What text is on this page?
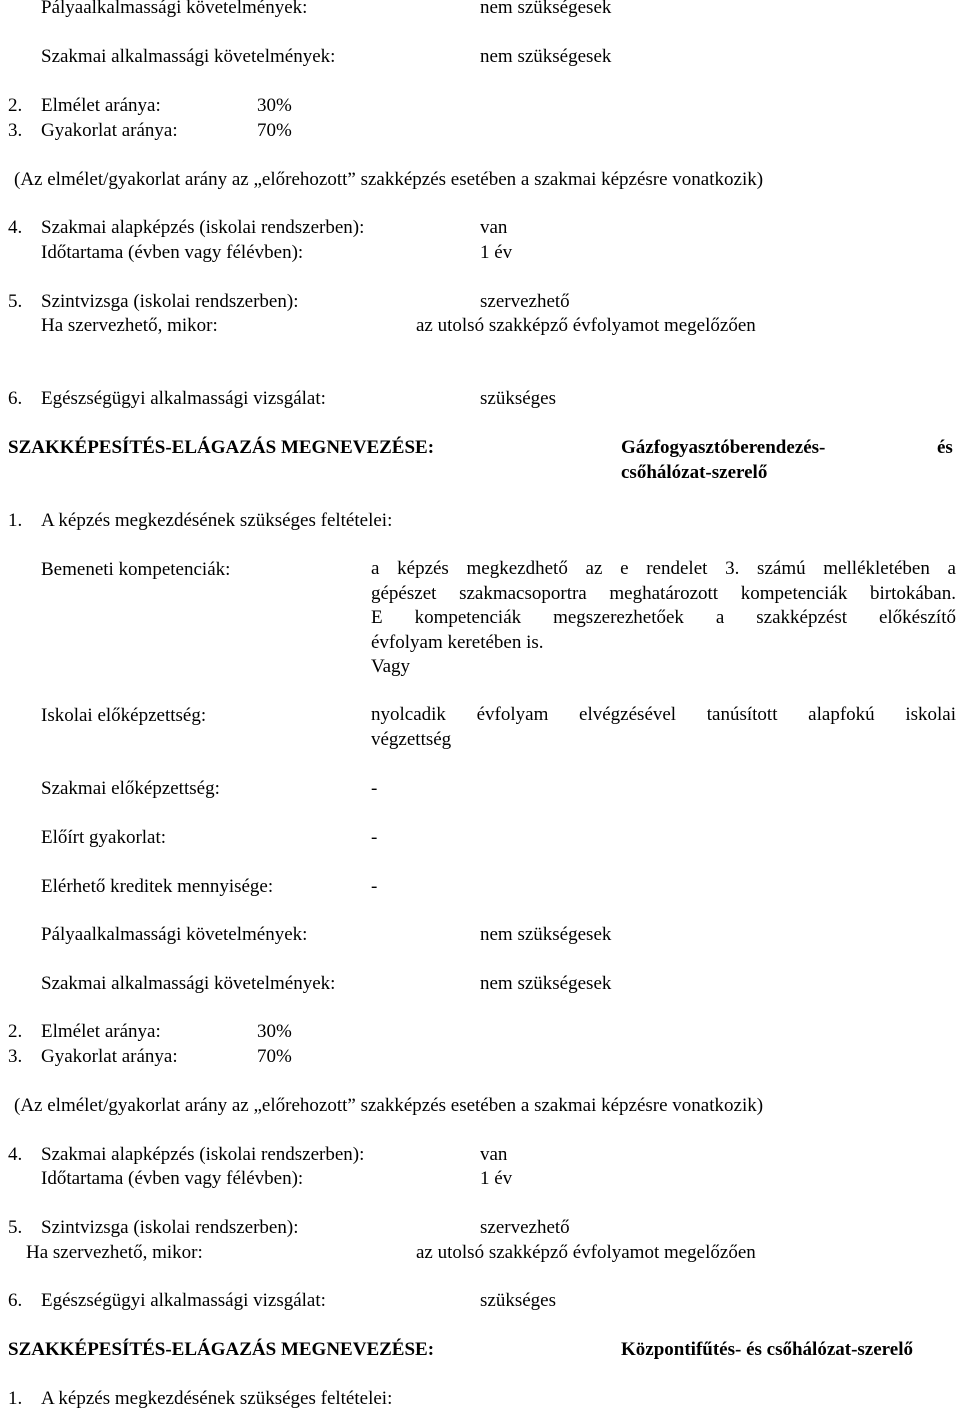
Pályaalkalmassági követelmények:	nem szükségesek
Szakmai alkalmassági követelmények:	nem szükségesek
2. Elmélet aránya:	30%
3. Gyakorlat aránya:	70%
(Az elmélet/gyakorlat arány az „előrehozott” szakképzés esetében a szakmai képzésre vonatkozik)
4. Szakmai alapképzés (iskolai rendszerben):	van
Időtartama (évben vagy félévben):	1 év
5. Szintvizsga (iskolai rendszerben):	szervezhető
Ha szervezhető, mikor:	az utolsó szakképző évfolyamot megelőzően
6. Egészségügyi alkalmassági vizsgálat:	szükséges
SZAKKÉPESÍTÉS-ELÁGAZÁS MEGNEVEZÉSE:	Gázfogyasztóberendezés-	és
csőhálózat-szerelő
1. A képzés megkezdésének szükséges feltételei:
Bemeneti kompetenciák:	a képzés megkezdhető az e rendelet 3. számú mellékletében a
gépészet szakmacsoportra meghatározott kompetenciák birtokában.
E kompetenciák megszerezhetőek a szakképzést előkészítő
évfolyam keretében is.
Vagy
Iskolai előképzettség:	nyolcadik évfolyam elvégzésével tanúsított alapfokú iskolai
végzettség
Szakmai előképzettség:	-
Előírt gyakorlat:	-
Elérhető kreditek mennyisége:	-
Pályaalkalmassági követelmények:	nem szükségesek
Szakmai alkalmassági követelmények:	nem szükségesek
2. Elmélet aránya:	30%
3. Gyakorlat aránya:	70%
(Az elmélet/gyakorlat arány az „előrehozott” szakképzés esetében a szakmai képzésre vonatkozik)
4. Szakmai alapképzés (iskolai rendszerben):	van
Időtartama (évben vagy félévben):	1 év
5. Szintvizsga (iskolai rendszerben):	szervezhető
Ha szervezhető, mikor:	az utolsó szakképző évfolyamot megelőzően
6. Egészségügyi alkalmassági vizsgálat:	szükséges
SZAKKÉPESÍTÉS-ELÁGAZÁS MEGNEVEZÉSE:	Központifűtés- és csőhálózat-szerelő
1. A képzés megkezdésének szükséges feltételei:
